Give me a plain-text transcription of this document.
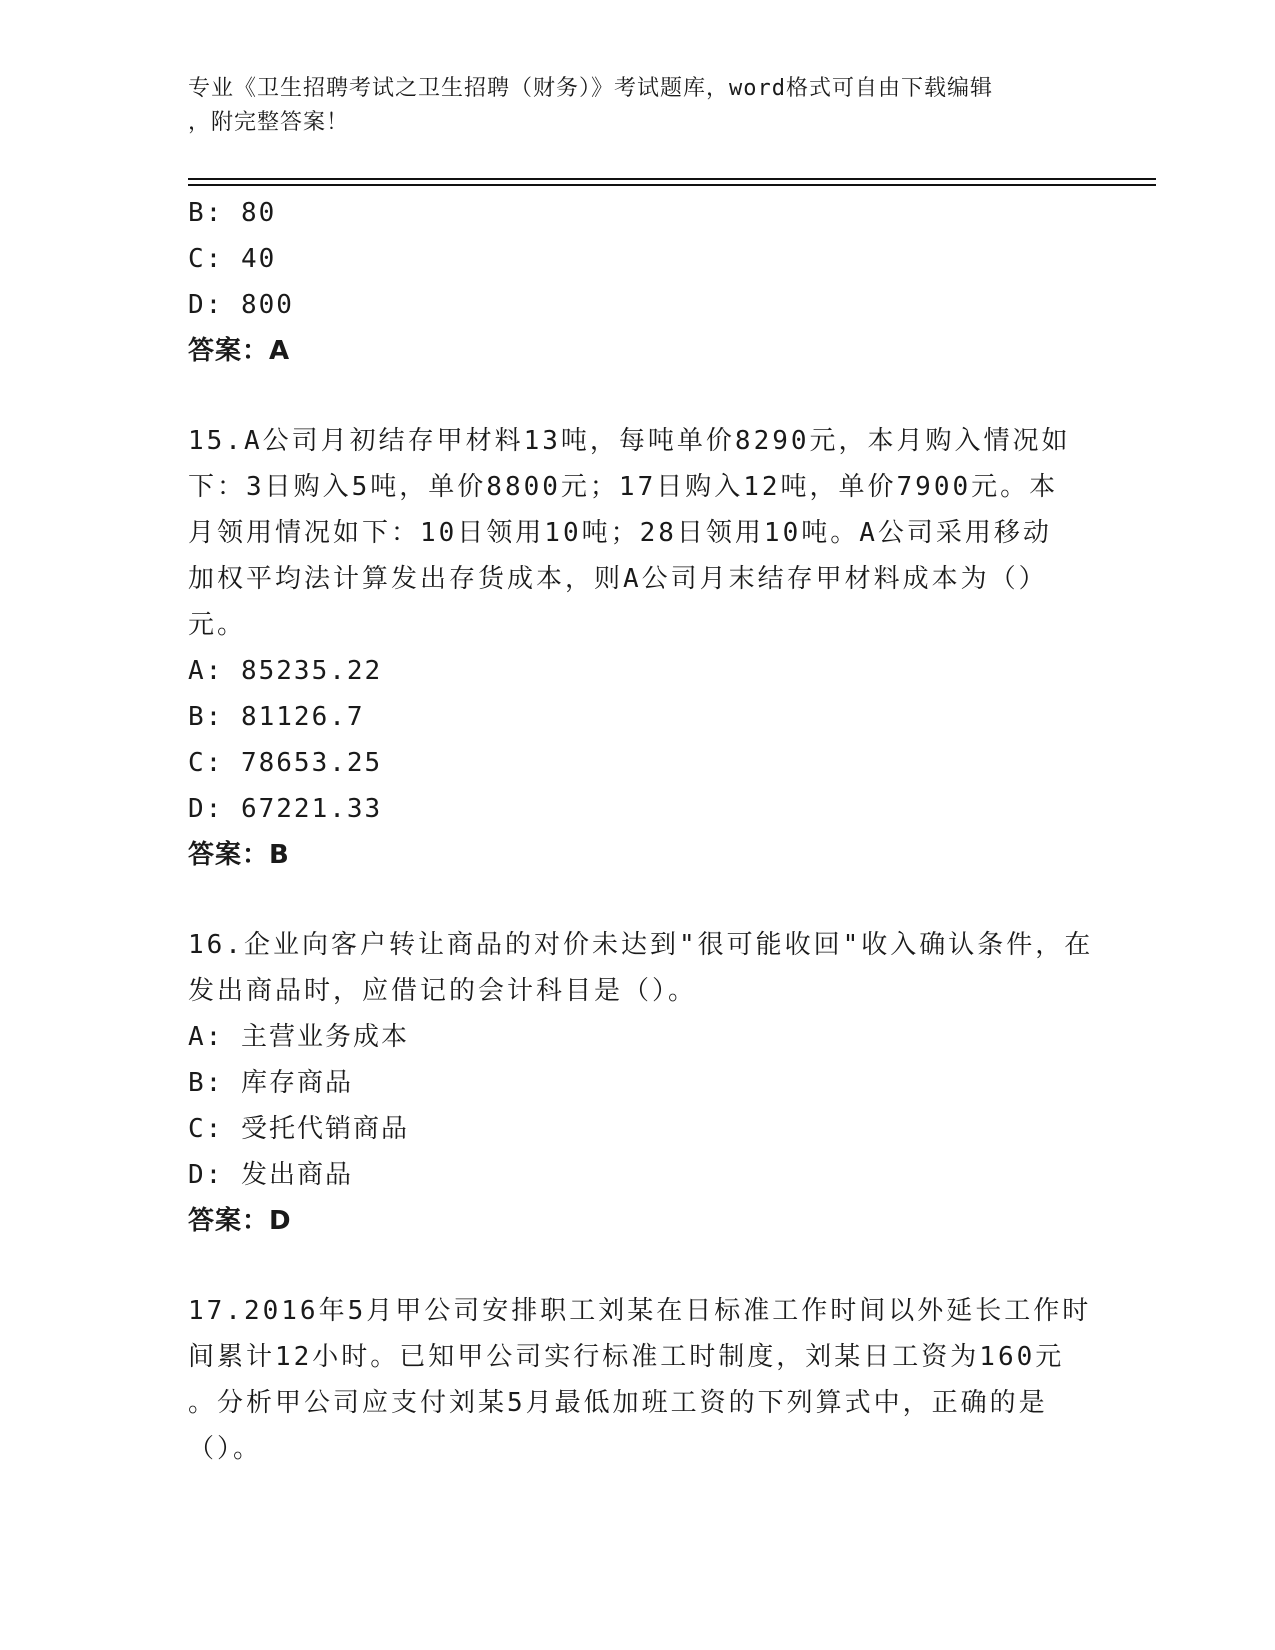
专业《卫生招聘考试之卫生招聘（财务）》考试题库，word格式可自由下载编辑
，附完整答案！
B: 80
C: 40
D: 800
答案：A
15.A公司月初结存甲材料13吨，每吨单价8290元，本月购入情况如
下：3日购入5吨，单价8800元；17日购入12吨，单价7900元。本
月领用情况如下：10日领用10吨；28日领用10吨。A公司采用移动
加权平均法计算发出存货成本，则A公司月末结存甲材料成本为（）
元。
A: 85235.22
B: 81126.7
C: 78653.25
D: 67221.33
答案：B
16.企业向客户转让商品的对价未达到"很可能收回"收入确认条件，在
发出商品时，应借记的会计科目是（）。
A: 主营业务成本
B: 库存商品
C: 受托代销商品
D: 发出商品
答案：D
17.2016年5月甲公司安排职工刘某在日标准工作时间以外延长工作时
间累计12小时。已知甲公司实行标准工时制度，刘某日工资为160元
。分析甲公司应支付刘某5月最低加班工资的下列算式中，正确的是
（）。
